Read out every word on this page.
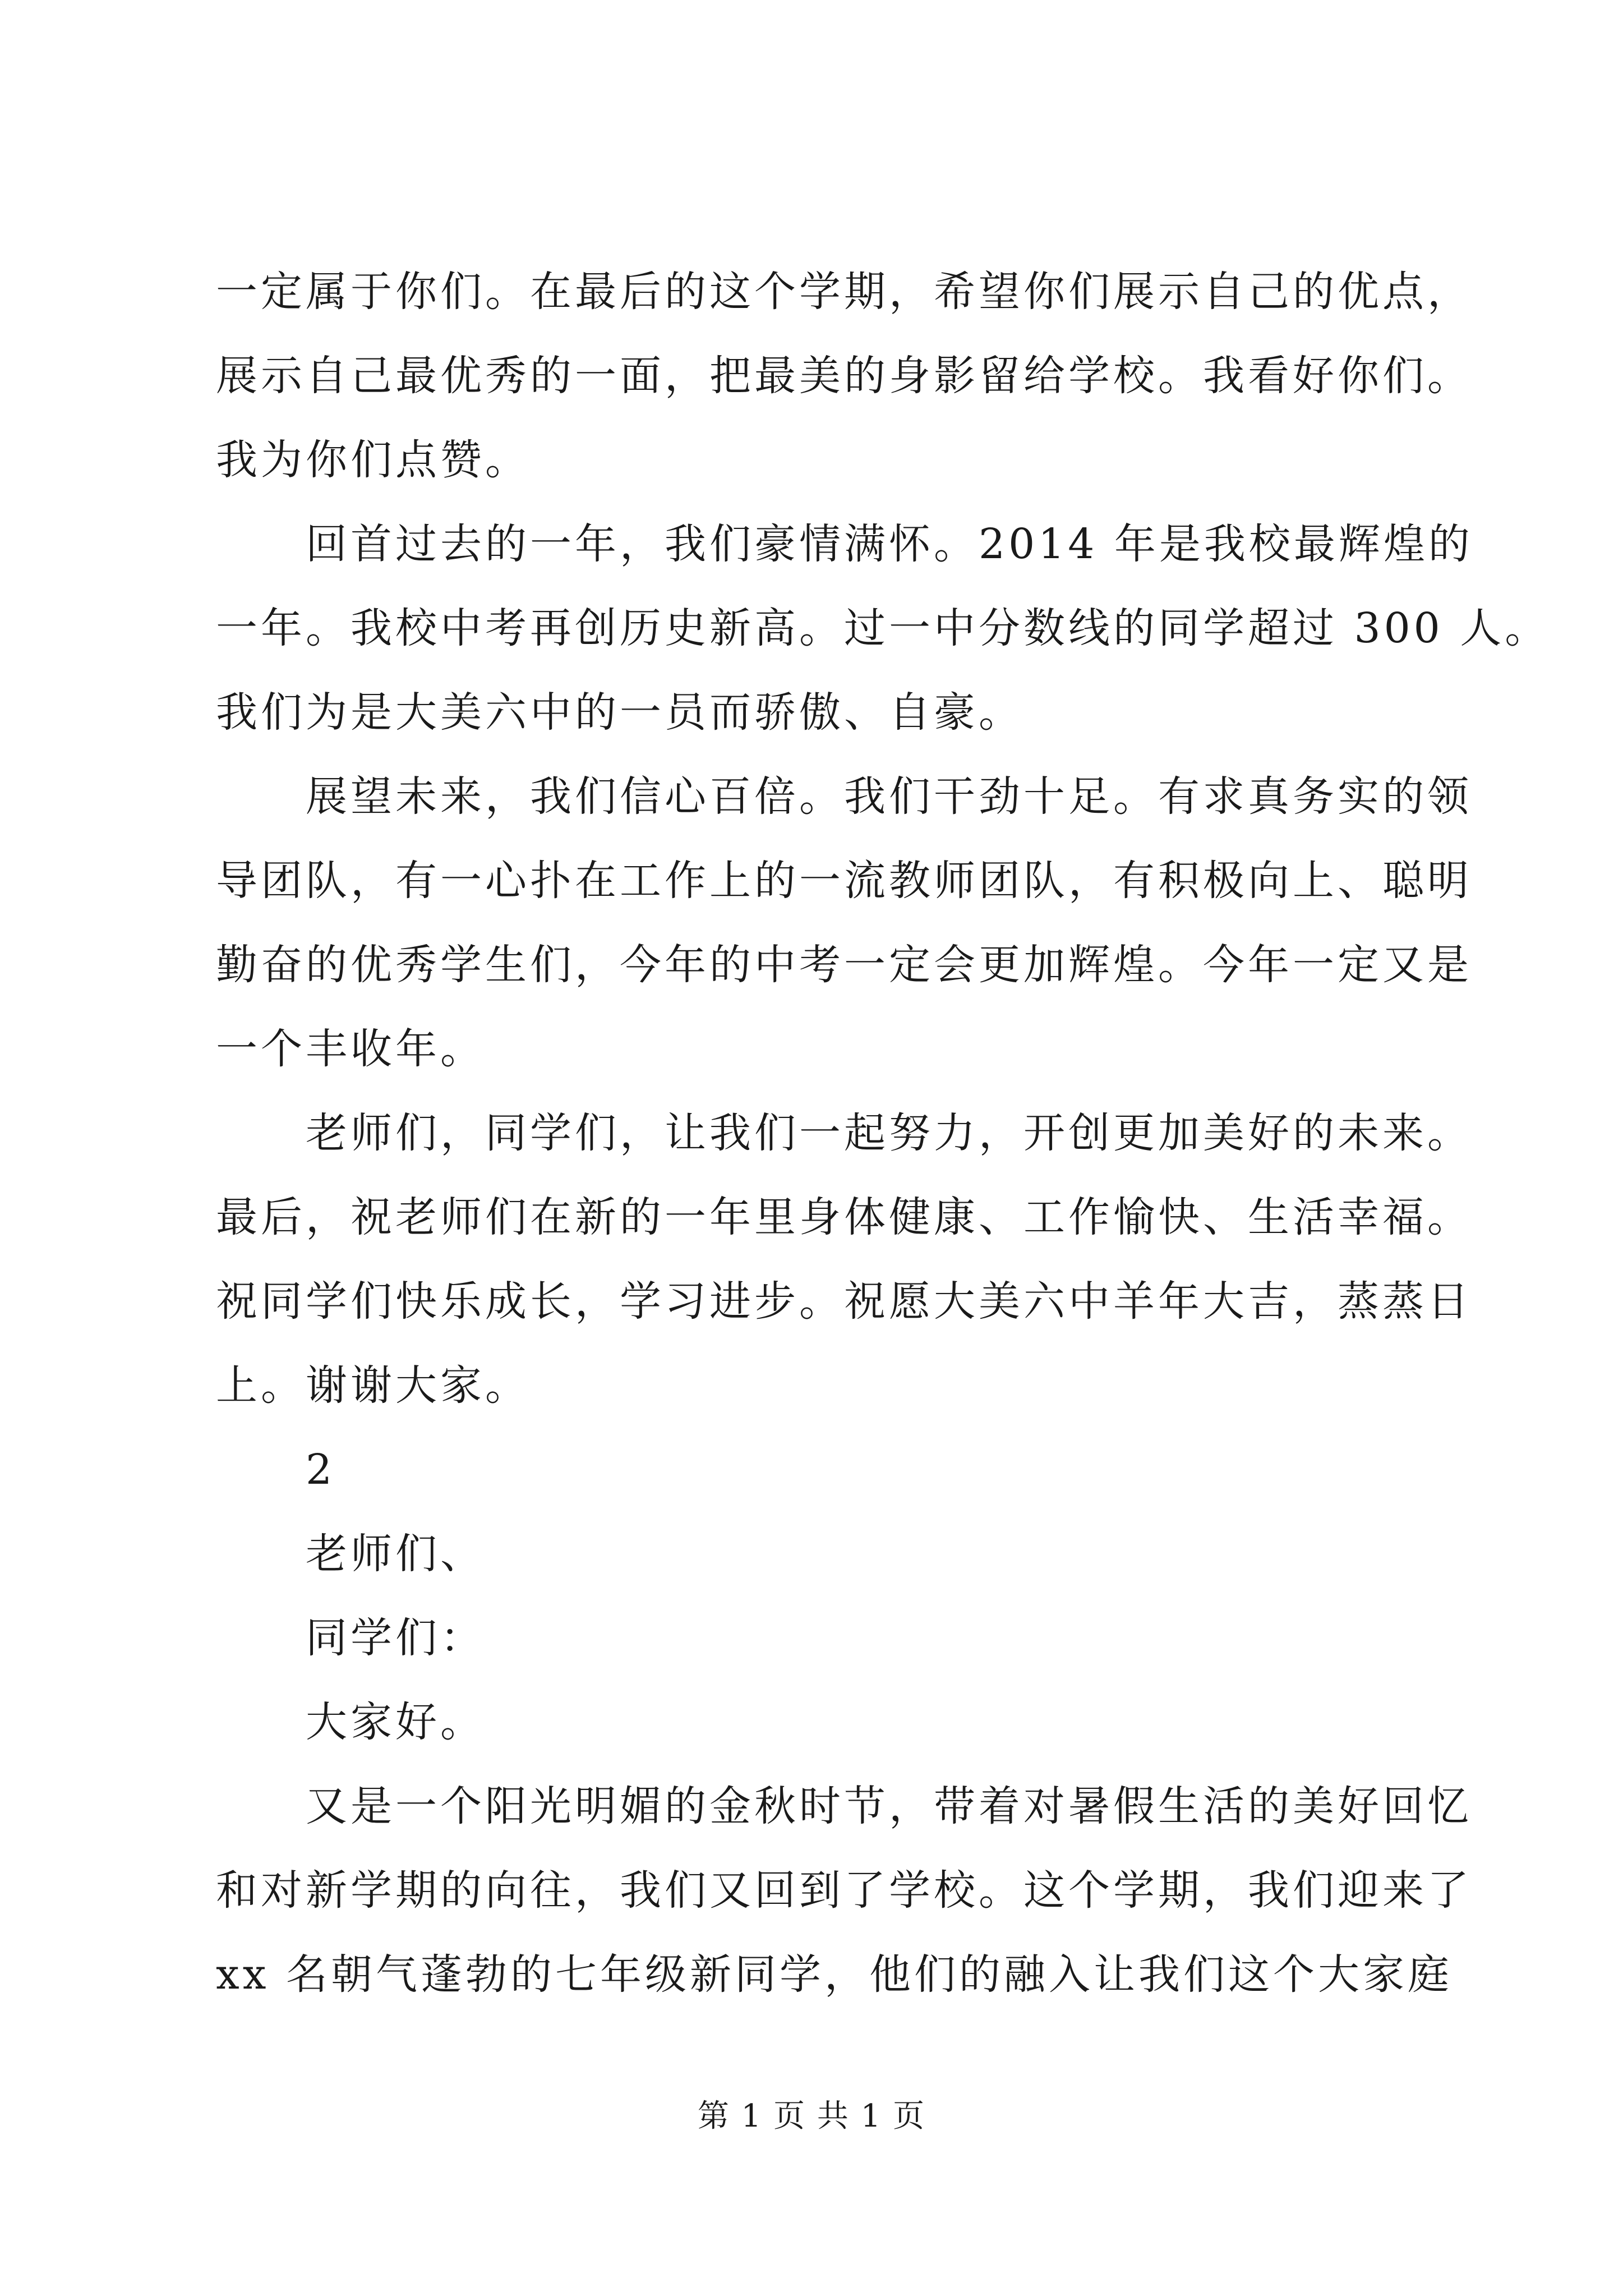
一定属于你们。在最后的这个学期，希望你们展示自己的优点，
展示自己最优秀的一面，把最美的身影留给学校。我看好你们。
我为你们点赞。
回首过去的一年，我们豪情满怀。2014 年是我校最辉煌的
一年。我校中考再创历史新高。过一中分数线的同学超过 300 人。
我们为是大美六中的一员而骄傲、自豪。
展望未来，我们信心百倍。我们干劲十足。有求真务实的领
导团队，有一心扑在工作上的一流教师团队，有积极向上、聪明
勤奋的优秀学生们，今年的中考一定会更加辉煌。今年一定又是
一个丰收年。
老师们，同学们，让我们一起努力，开创更加美好的未来。
最后，祝老师们在新的一年里身体健康、工作愉快、生活幸福。
祝同学们快乐成长，学习进步。祝愿大美六中羊年大吉，蒸蒸日
上。谢谢大家。
2
老师们、
同学们：
大家好。
又是一个阳光明媚的金秋时节，带着对暑假生活的美好回忆
和对新学期的向往，我们又回到了学校。这个学期，我们迎来了
xx 名朝气蓬勃的七年级新同学，他们的融入让我们这个大家庭
第 1 页 共 1 页
